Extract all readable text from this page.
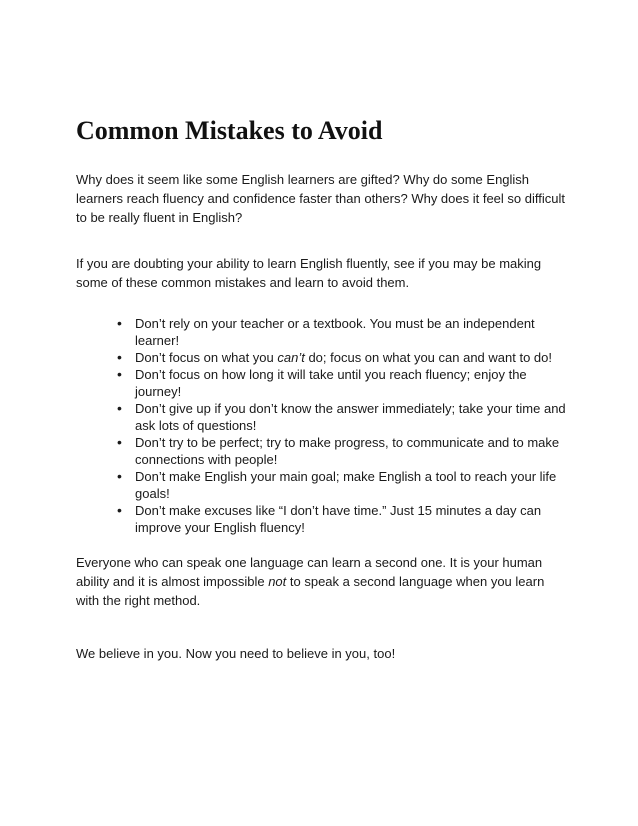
Common Mistakes to Avoid

Why does it seem like some English learners are gifted? Why do some English learners reach fluency and confidence faster than others? Why does it feel so difficult to be really fluent in English?

If you are doubting your ability to learn English fluently, see if you may be making some of these common mistakes and learn to avoid them.

• Don’t rely on your teacher or a textbook. You must be an independent learner!
• Don’t focus on what you can’t do; focus on what you can and want to do!
• Don’t focus on how long it will take until you reach fluency; enjoy the journey!
• Don’t give up if you don’t know the answer immediately; take your time and ask lots of questions!
• Don’t try to be perfect; try to make progress, to communicate and to make connections with people!
• Don’t make English your main goal; make English a tool to reach your life goals!
• Don’t make excuses like “I don’t have time.” Just 15 minutes a day can improve your English fluency!

Everyone who can speak one language can learn a second one. It is your human ability and it is almost impossible not to speak a second language when you learn with the right method.

We believe in you. Now you need to believe in you, too!
